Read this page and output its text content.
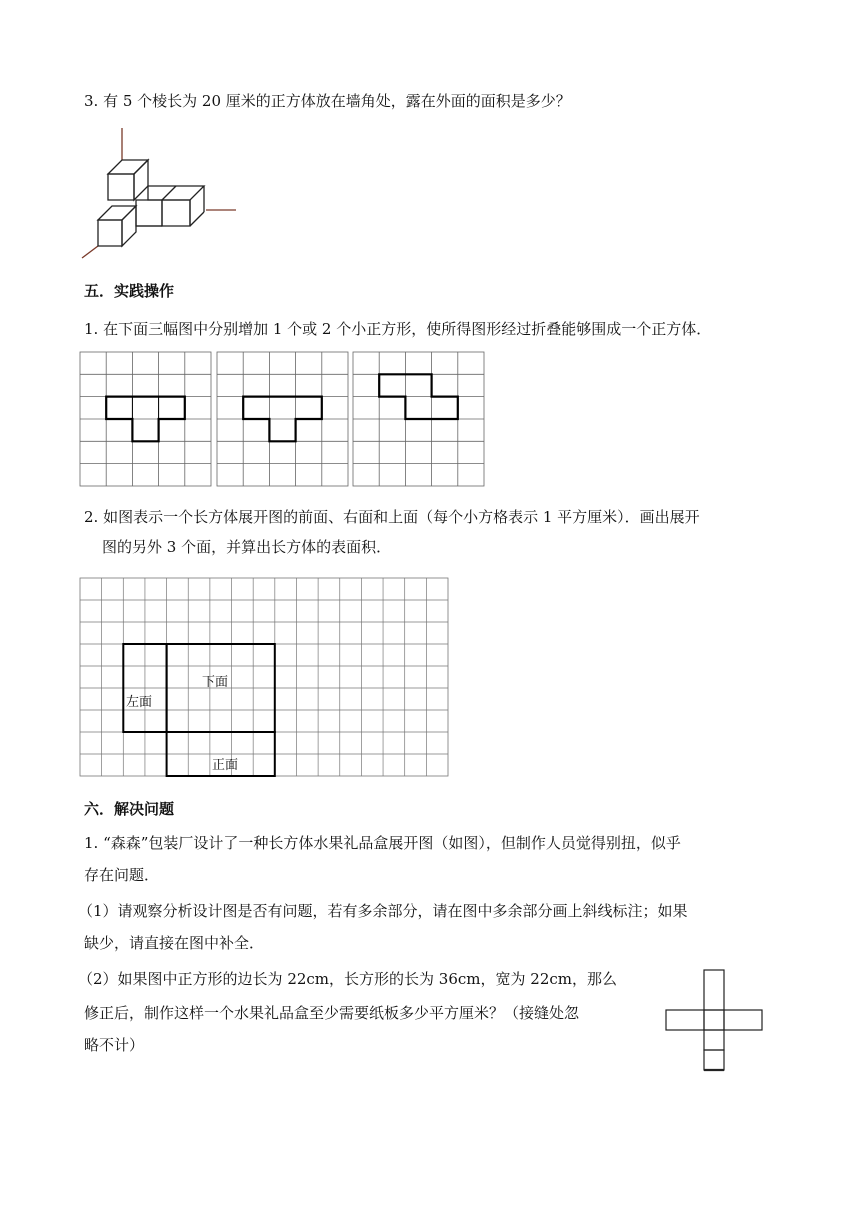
3. 有 5 个棱长为 20 厘米的正方体放在墙角处，露在外面的面积是多少？
五．实践操作
1. 在下面三幅图中分别增加 1 个或 2 个小正方形，使所得图形经过折叠能够围成一个正方体．
2. 如图表示一个长方体展开图的前面、右面和上面（每个小方格表示 1 平方厘米）．画出展开
图的另外 3 个面，并算出长方体的表面积．
下面
左面
正面
六．解决问题
1. “森森”包装厂设计了一种长方体水果礼品盒展开图（如图），但制作人员觉得别扭，似乎
存在问题．
（1）请观察分析设计图是否有问题，若有多余部分，请在图中多余部分画上斜线标注；如果
缺少，请直接在图中补全．
（2）如果图中正方形的边长为 22cm，长方形的长为 36cm，宽为 22cm，那么
修正后，制作这样一个水果礼品盒至少需要纸板多少平方厘米？（接缝处忽
略不计）
